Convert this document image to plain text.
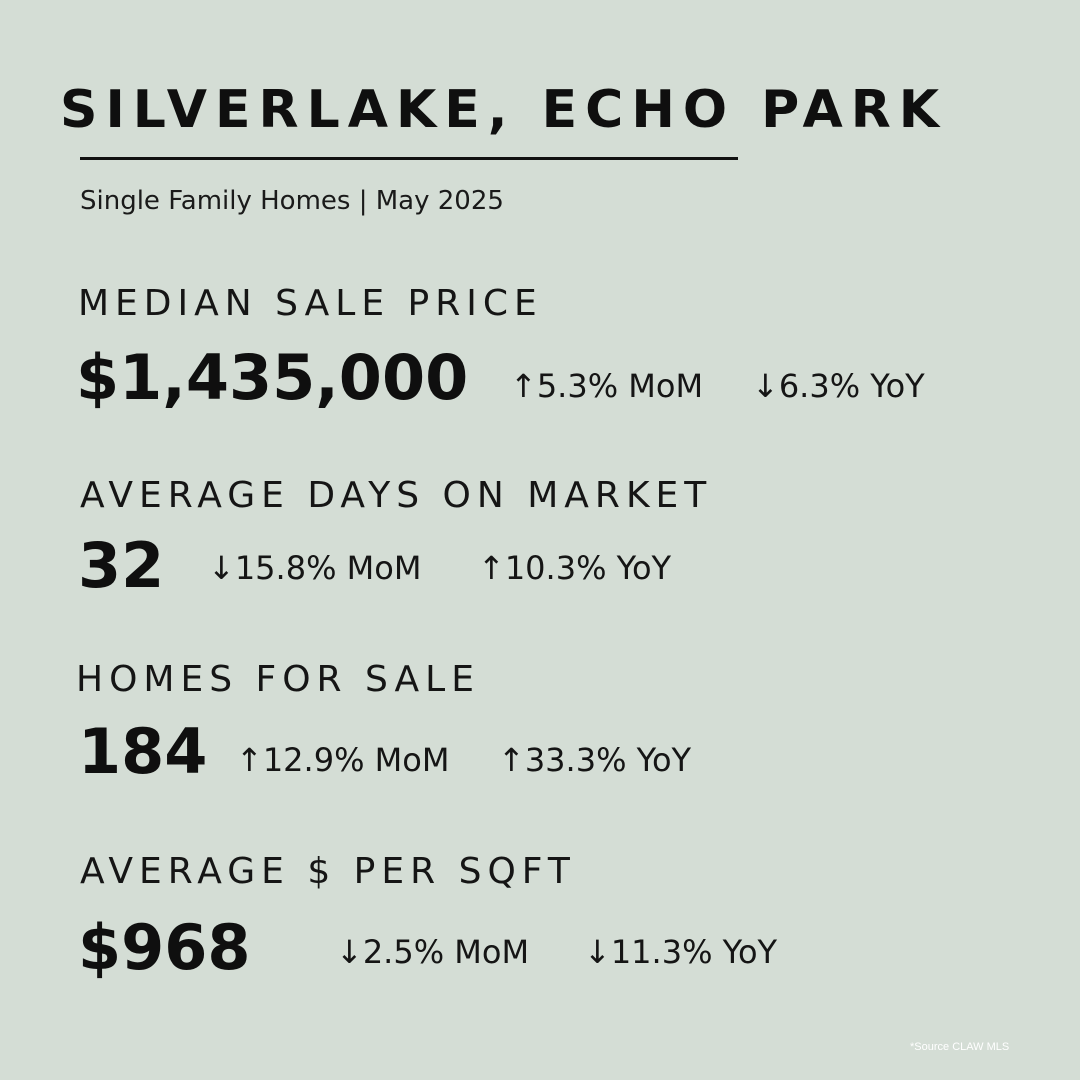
SILVERLAKE, ECHO PARK
Single Family Homes | May 2025
MEDIAN SALE PRICE
$1,435,000 ↑5.3% MoM ↓6.3% YoY
AVERAGE DAYS ON MARKET
32 ↓15.8% MoM ↑10.3% YoY
HOMES FOR SALE
184 ↑12.9% MoM ↑33.3% YoY
AVERAGE $ PER SQFT
$968	↓2.5% MoM ↓11.3% YoY
*Source CLAW MLS
